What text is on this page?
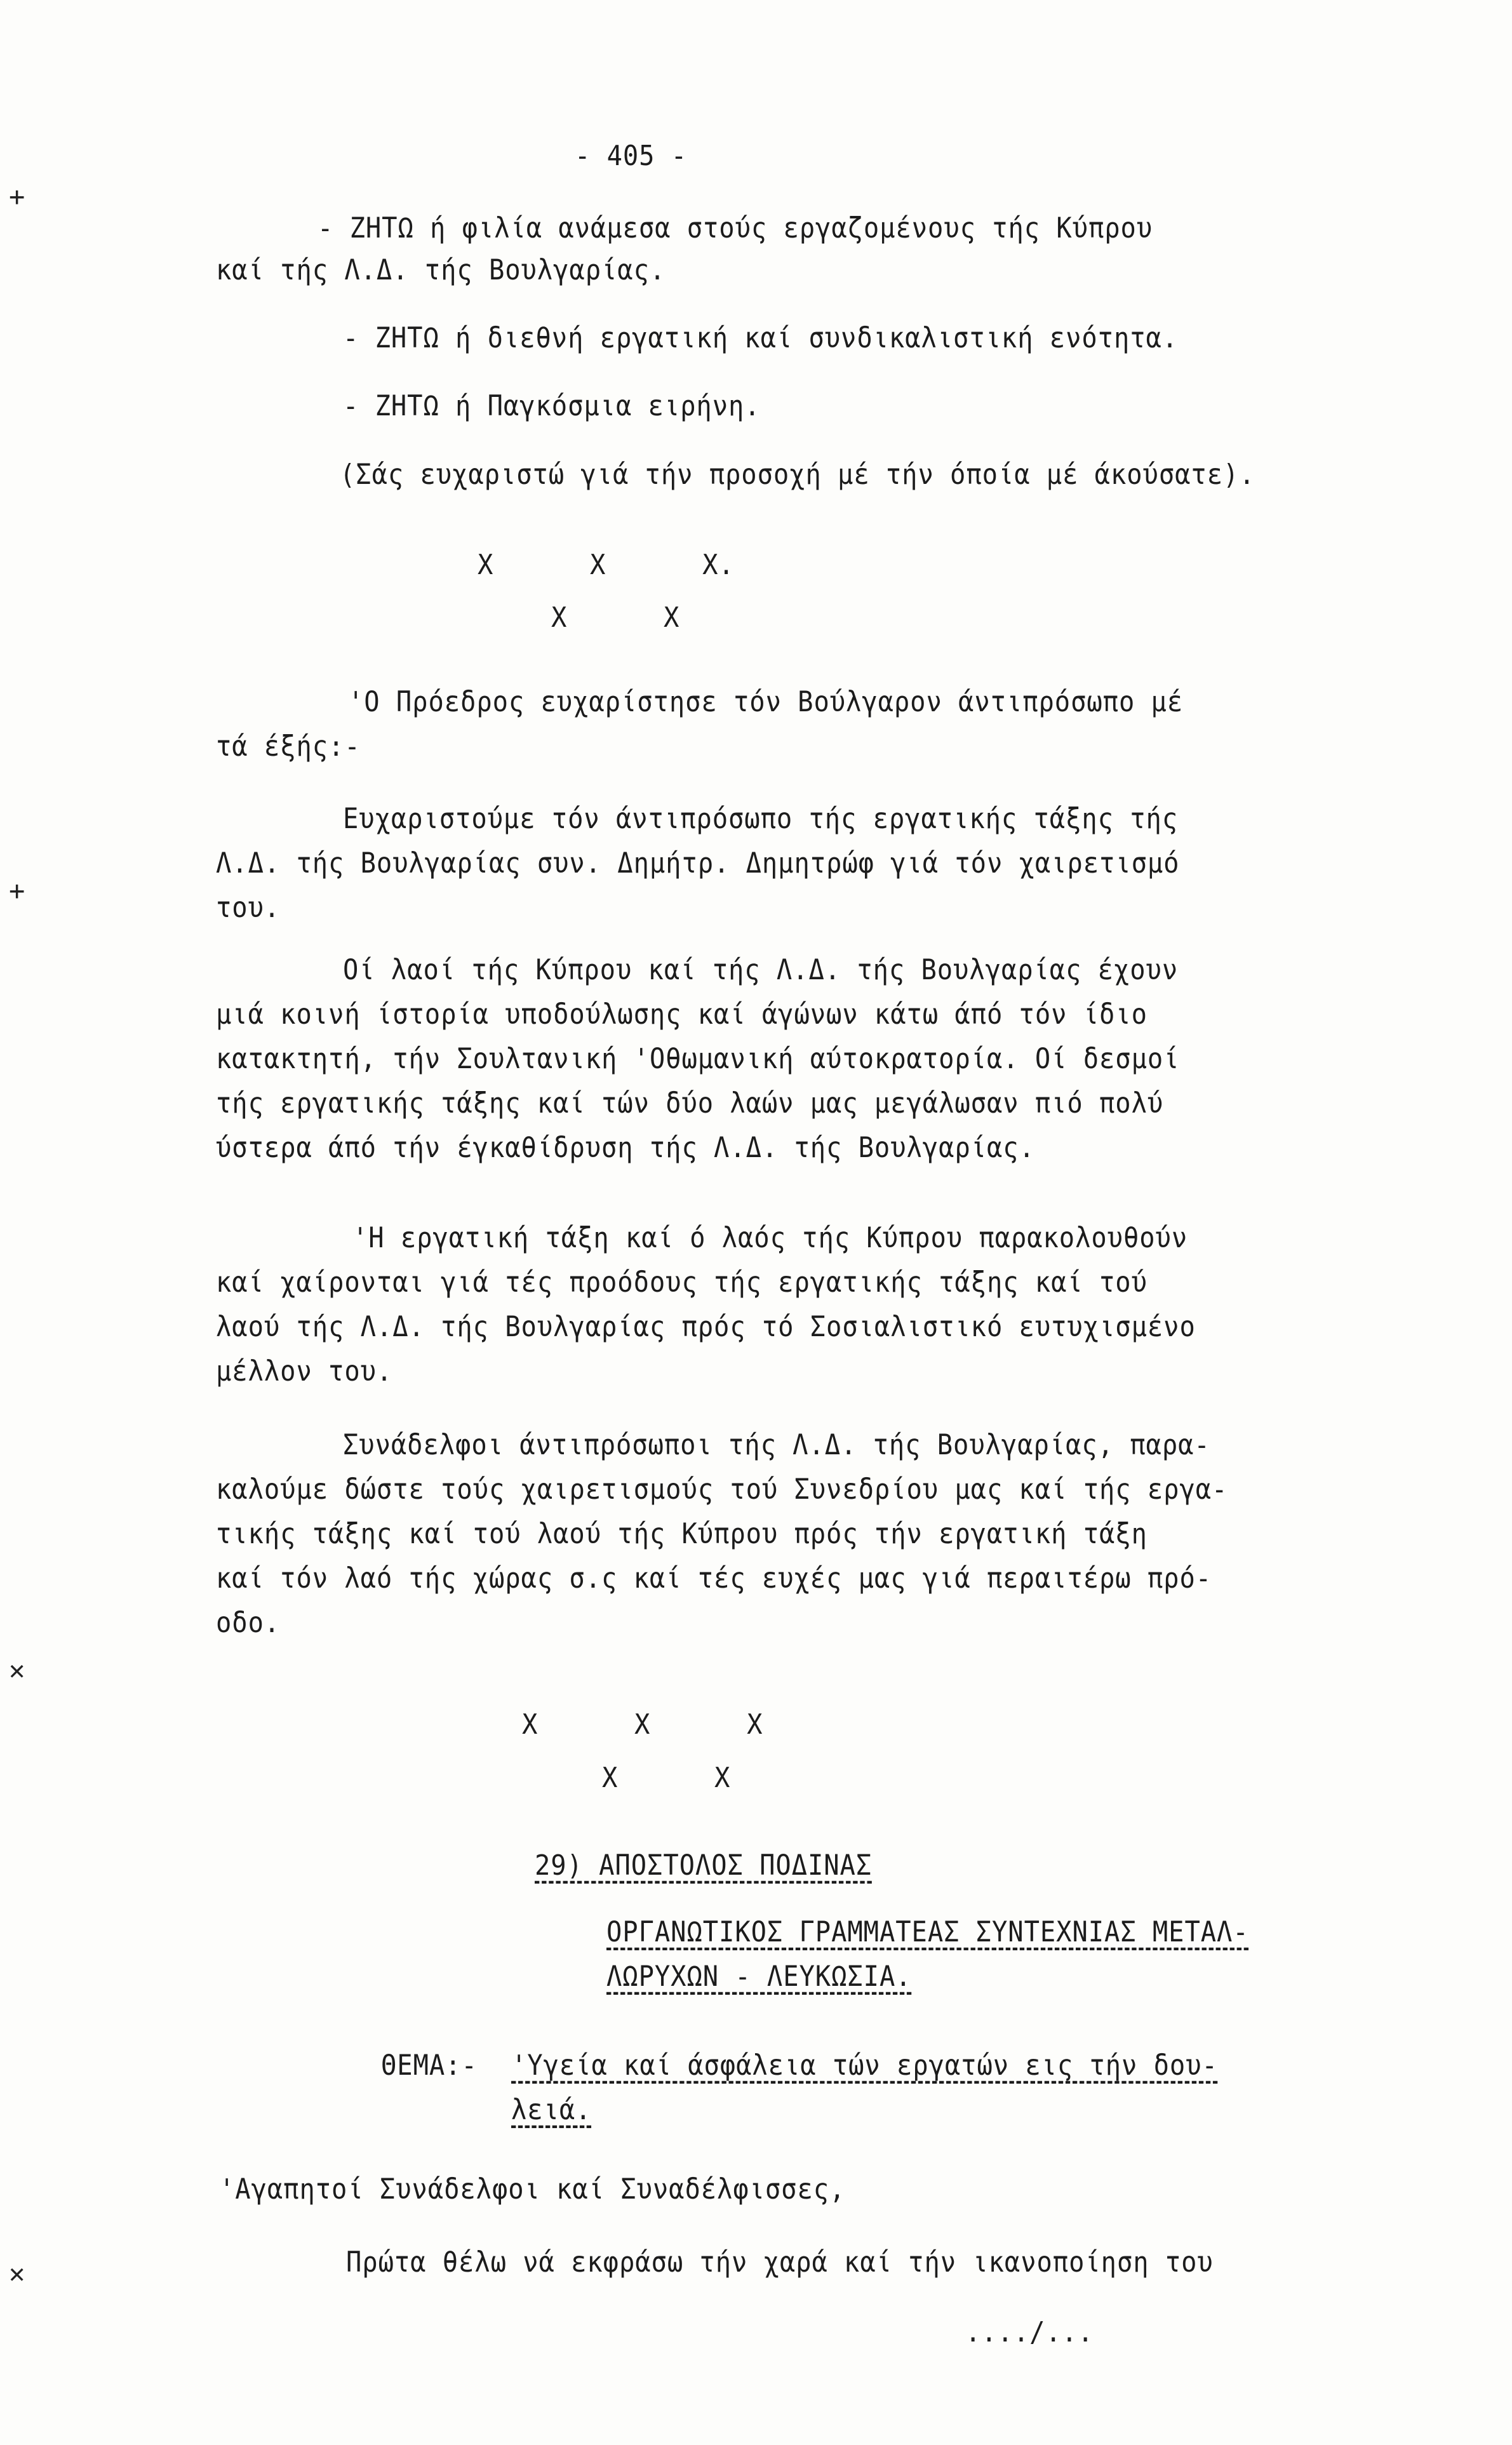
- 405 -
+
+
✕
✕
- ΖΗΤΩ ή φιλία ανάμεσα στούς εργαζομένους τής Κύπρου
καί τής Λ.Δ. τής Βουλγαρίας.
- ΖΗΤΩ ή διεθνή εργατική καί συνδικαλιστική ενότητα.
- ΖΗΤΩ ή Παγκόσμια ειρήνη.
(Σάς ευχαριστώ γιά τήν προσοχή μέ τήν όποία μέ άκούσατε).
X      X      X.
X      X
'Ο Πρόεδρος ευχαρίστησε τόν Βούλγαρον άντιπρόσωπο μέ
τά έξής:-
Ευχαριστούμε τόν άντιπρόσωπο τής εργατικής τάξης τής
Λ.Δ. τής Βουλγαρίας συν. Δημήτρ. Δημητρώφ γιά τόν χαιρετισμό
του.
Οί λαοί τής Κύπρου καί τής Λ.Δ. τής Βουλγαρίας έχουν
μιά κοινή ίστορία υποδούλωσης καί άγώνων κάτω άπό τόν ίδιο
κατακτητή, τήν Σουλτανική 'Οθωμανική αύτοκρατορία. Οί δεσμοί
τής εργατικής τάξης καί τών δύο λαών μας μεγάλωσαν πιό πολύ
ύστερα άπό τήν έγκαθίδρυση τής Λ.Δ. τής Βουλγαρίας.
'Η εργατική τάξη καί ό λαός τής Κύπρου παρακολουθούν
καί χαίρονται γιά τές προόδους τής εργατικής τάξης καί τού
λαού τής Λ.Δ. τής Βουλγαρίας πρός τό Σοσιαλιστικό ευτυχισμένο
μέλλον του.
Συνάδελφοι άντιπρόσωποι τής Λ.Δ. τής Βουλγαρίας, παρα-
καλούμε δώστε τούς χαιρετισμούς τού Συνεδρίου μας καί τής εργα-
τικής τάξης καί τού λαού τής Κύπρου πρός τήν εργατική τάξη
καί τόν λαό τής χώρας σ.ς καί τές ευχές μας γιά περαιτέρω πρό-
οδο.
X      X      X
X      X
29) ΑΠΟΣΤΟΛΟΣ ΠΟΔΙΝΑΣ
ΟΡΓΑΝΩΤΙΚΟΣ ΓΡΑΜΜΑΤΕΑΣ ΣΥΝΤΕΧΝΙΑΣ ΜΕΤΑΛ-
ΛΩΡΥΧΩΝ - ΛΕΥΚΩΣΙΑ.
ΘΕΜΑ:- 'Υγεία καί άσφάλεια τών εργατών εις τήν δου-
λειά.
'Αγαπητοί Συνάδελφοι καί Συναδέλφισσες,
Πρώτα θέλω νά εκφράσω τήν χαρά καί τήν ικανοποίηση του
..../...
